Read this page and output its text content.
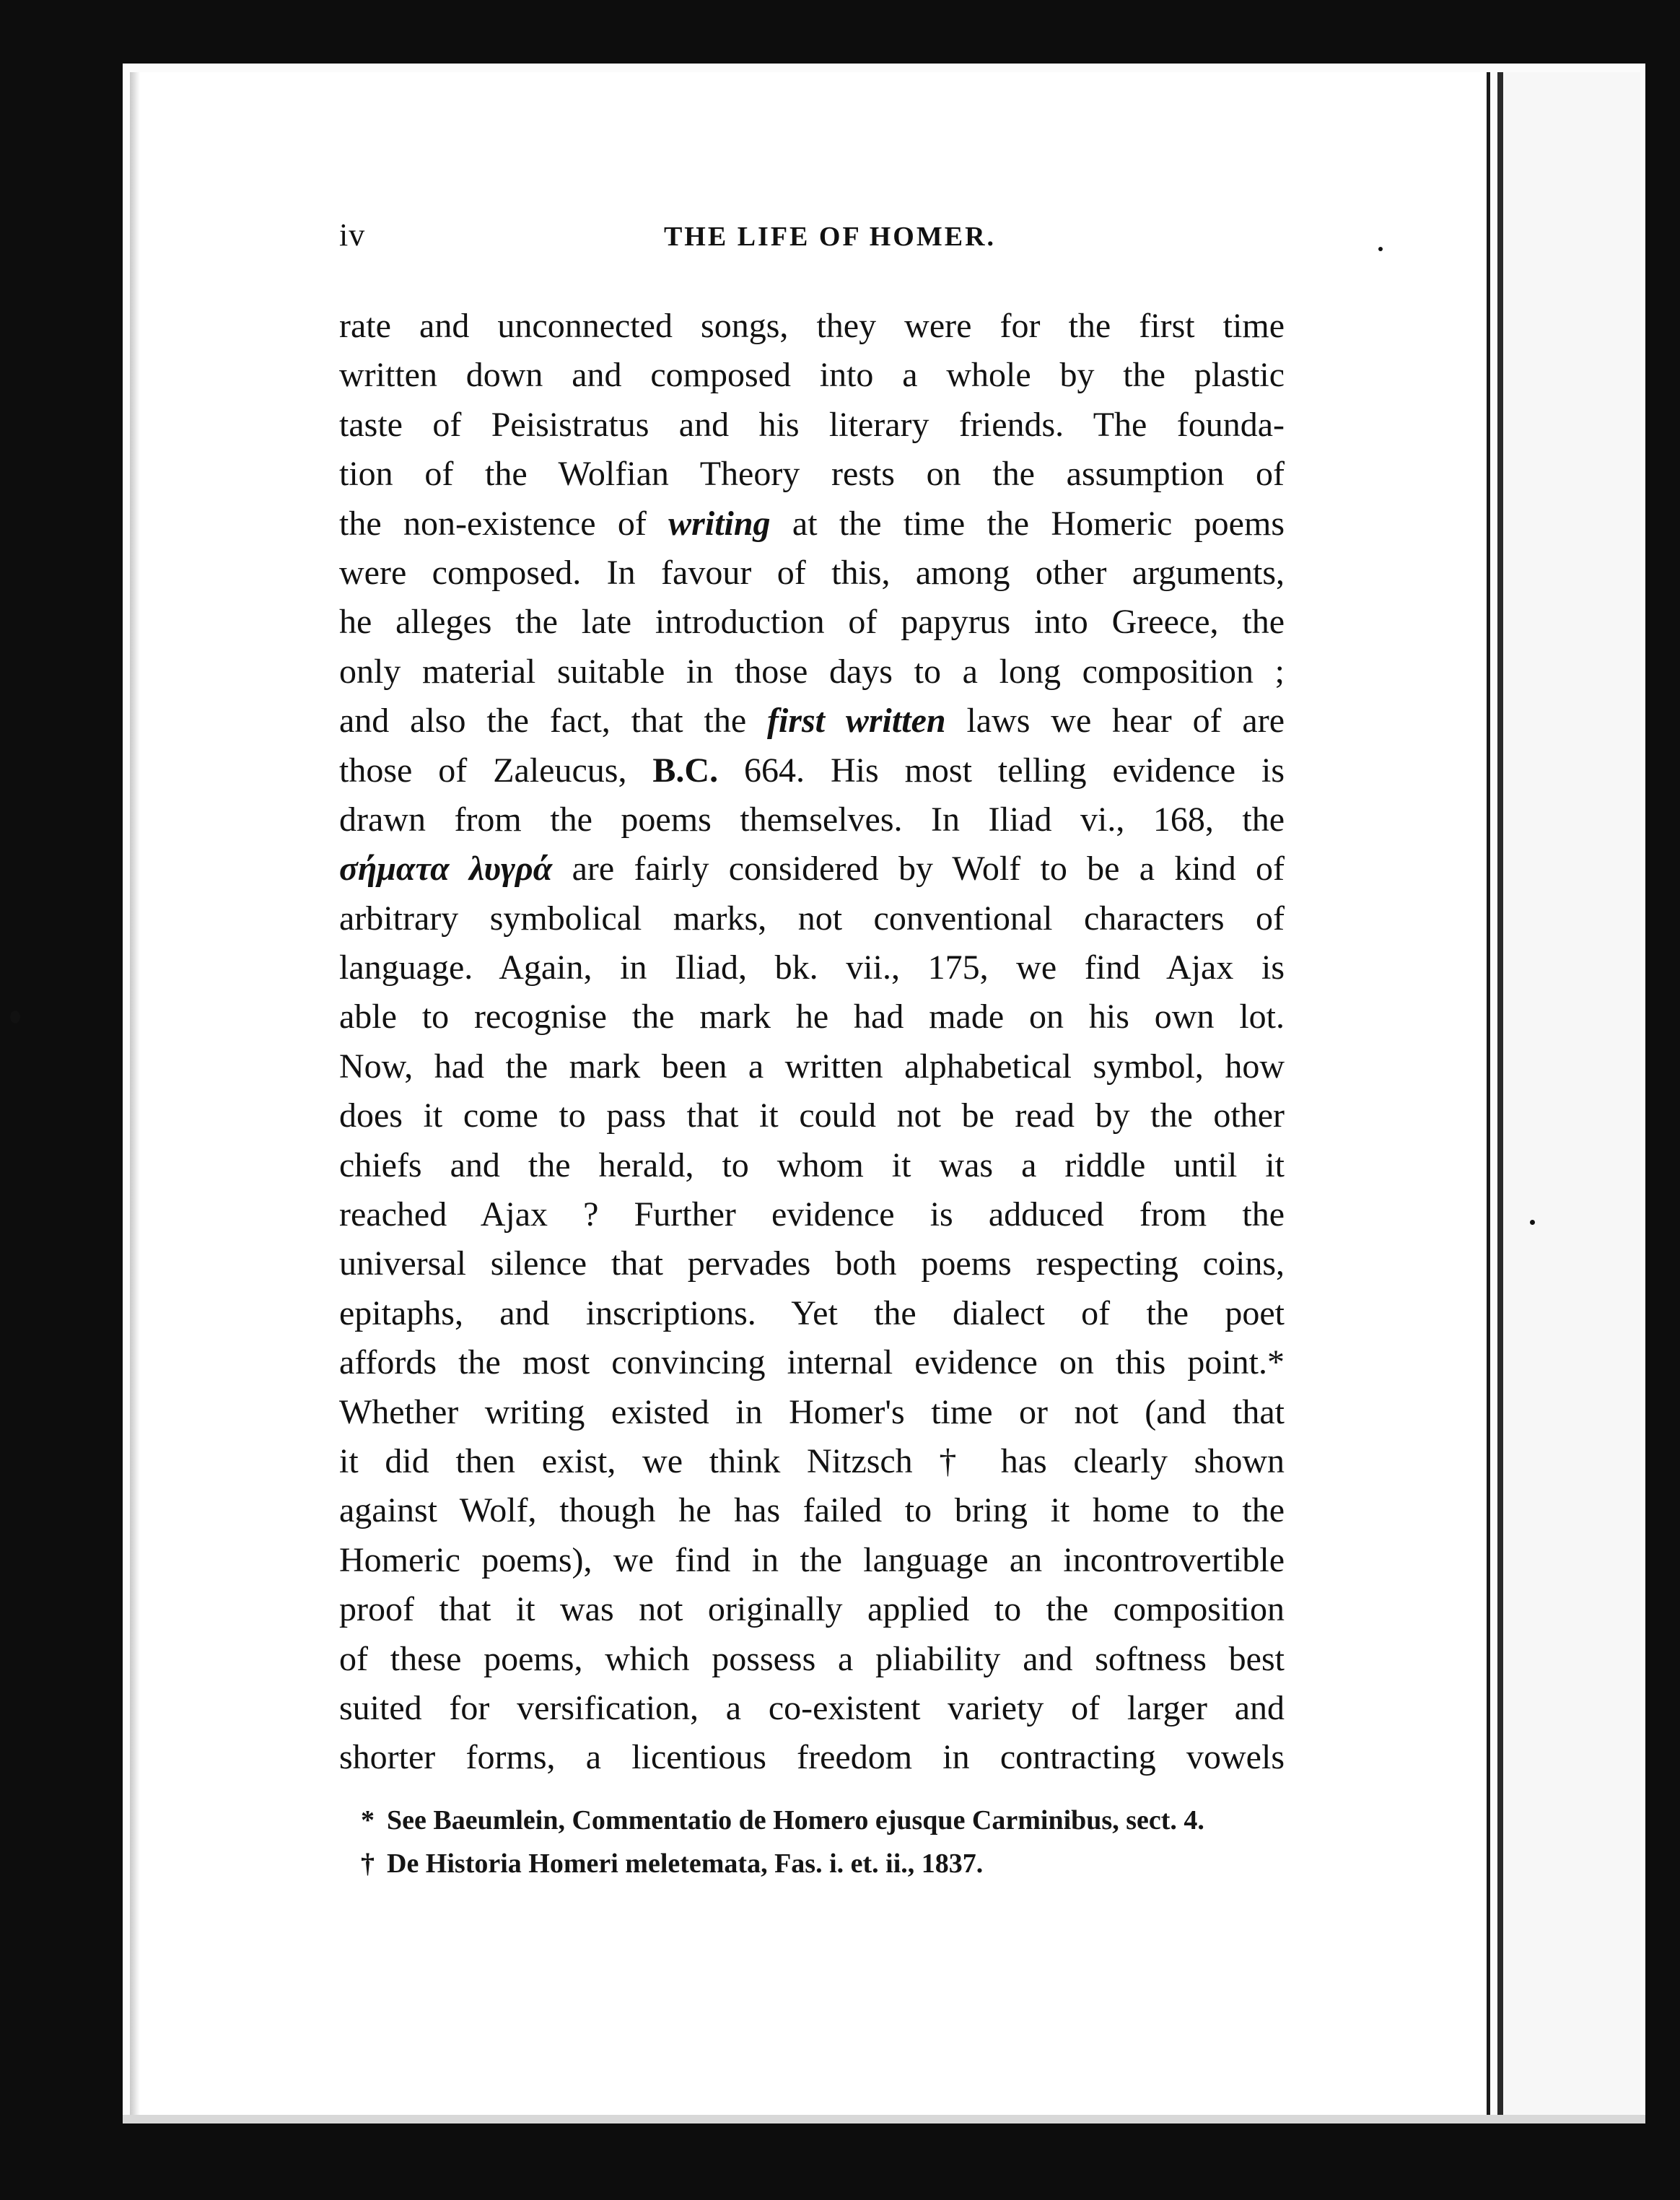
iv	THE LIFE OF HOMER.
rate and unconnected songs, they were for the first time
written down and composed into a whole by the plastic
taste of Peisistratus and his literary friends. The founda-
tion of the Wolfian Theory rests on the assumption of
the non-existence of writing at the time the Homeric poems
were composed. In favour of this, among other arguments,
he alleges the late introduction of papyrus into Greece, the
only material suitable in those days to a long composition ;
and also the fact, that the first written laws we hear of are
those of Zaleucus, B.C. 664. His most telling evidence is
drawn from the poems themselves. In Iliad vi., 168, the
σήματα λυγρά are fairly considered by Wolf to be a kind of
arbitrary symbolical marks, not conventional characters of
language. Again, in Iliad, bk. vii., 175, we find Ajax is
able to recognise the mark he had made on his own lot.
Now, had the mark been a written alphabetical symbol, how
does it come to pass that it could not be read by the other
chiefs and the herald, to whom it was a riddle until it
reached Ajax ? Further evidence is adduced from the
universal silence that pervades both poems respecting coins,
epitaphs, and inscriptions. Yet the dialect of the poet
affords the most convincing internal evidence on this point.*
Whether writing existed in Homer's time or not (and that
it did then exist, we think Nitzsch † has clearly shown
against Wolf, though he has failed to bring it home to the
Homeric poems), we find in the language an incontrovertible
proof that it was not originally applied to the composition
of these poems, which possess a pliability and softness best
suited for versification, a co-existent variety of larger and
shorter forms, a licentious freedom in contracting vowels
* See Baeumlein, Commentatio de Homero ejusque Carminibus, sect. 4.
† De Historia Homeri meletemata, Fas. i. et. ii., 1837.
